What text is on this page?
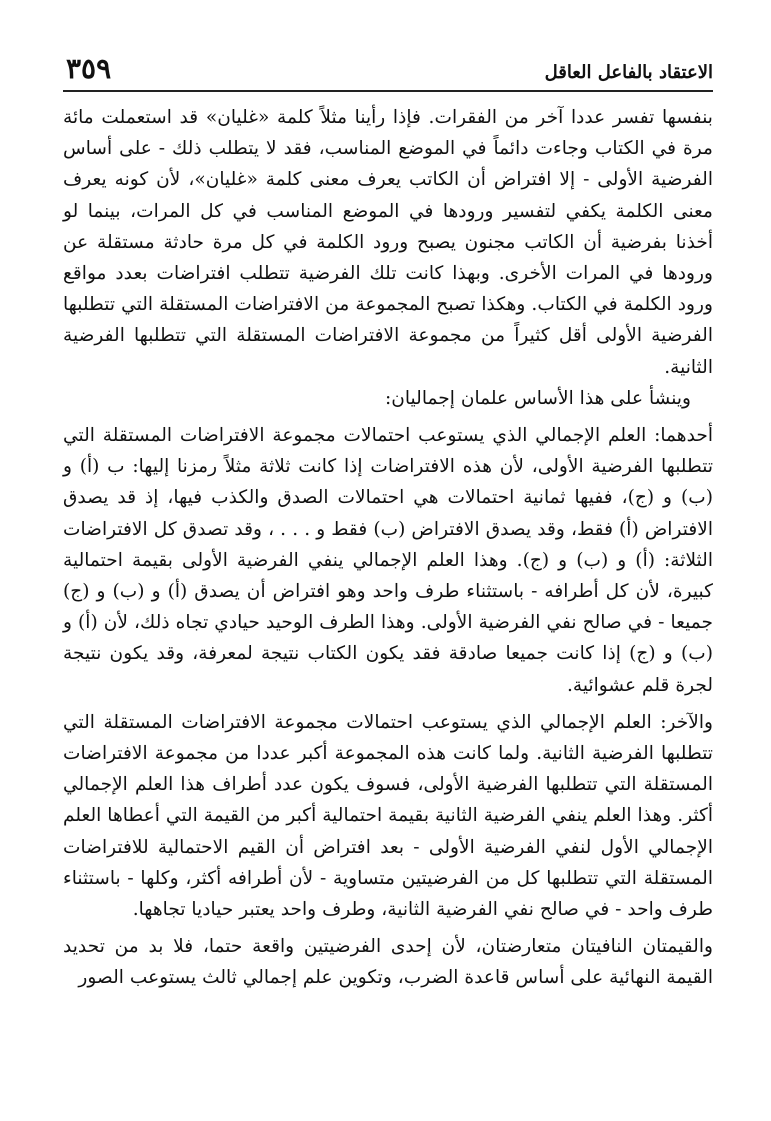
الاعتقاد بالفاعل العاقل
٣٥٩

بنفسها تفسر عددا آخر من الفقرات. فإذا رأينا مثلاً كلمة «غليان» قد استعملت مائة مرة في الكتاب وجاءت دائماً في الموضع المناسب، فقد لا يتطلب ذلك - على أساس الفرضية الأولى - إلا افتراض أن الكاتب يعرف معنى كلمة «غليان»، لأن كونه يعرف معنى الكلمة يكفي لتفسير ورودها في الموضع المناسب في كل المرات، بينما لو أخذنا بفرضية أن الكاتب مجنون يصبح ورود الكلمة في كل مرة حادثة مستقلة عن ورودها في المرات الأخرى. وبهذا كانت تلك الفرضية تتطلب افتراضات بعدد مواقع ورود الكلمة في الكتاب. وهكذا تصبح المجموعة من الافتراضات المستقلة التي تتطلبها الفرضية الأولى أقل كثيراً من مجموعة الافتراضات المستقلة التي تتطلبها الفرضية الثانية.

وينشأ على هذا الأساس علمان إجماليان:

أحدهما: العلم الإجمالي الذي يستوعب احتمالات مجموعة الافتراضات المستقلة التي تتطلبها الفرضية الأولى، لأن هذه الافتراضات إذا كانت ثلاثة مثلاً رمزنا إليها: ب (أ) و (ب) و (ج)، ففيها ثمانية احتمالات هي احتمالات الصدق والكذب فيها، إذ قد يصدق الافتراض (أ) فقط، وقد يصدق الافتراض (ب) فقط و . . . ، وقد تصدق كل الافتراضات الثلاثة: (أ) و (ب) و (ج). وهذا العلم الإجمالي ينفي الفرضية الأولى بقيمة احتمالية كبيرة، لأن كل أطرافه - باستثناء طرف واحد وهو افتراض أن يصدق (أ) و (ب) و (ج) جميعا - في صالح نفي الفرضية الأولى. وهذا الطرف الوحيد حيادي تجاه ذلك، لأن (أ) و (ب) و (ج) إذا كانت جميعا صادقة فقد يكون الكتاب نتيجة لمعرفة، وقد يكون نتيجة لجرة قلم عشوائية.

والآخر: العلم الإجمالي الذي يستوعب احتمالات مجموعة الافتراضات المستقلة التي تتطلبها الفرضية الثانية. ولما كانت هذه المجموعة أكبر عددا من مجموعة الافتراضات المستقلة التي تتطلبها الفرضية الأولى، فسوف يكون عدد أطراف هذا العلم الإجمالي أكثر. وهذا العلم ينفي الفرضية الثانية بقيمة احتمالية أكبر من القيمة التي أعطاها العلم الإجمالي الأول لنفي الفرضية الأولى - بعد افتراض أن القيم الاحتمالية للافتراضات المستقلة التي تتطلبها كل من الفرضيتين متساوية - لأن أطرافه أكثر، وكلها - باستثناء طرف واحد - في صالح نفي الفرضية الثانية، وطرف واحد يعتبر حياديا تجاهها.

والقيمتان النافيتان متعارضتان، لأن إحدى الفرضيتين واقعة حتما، فلا بد من تحديد القيمة النهائية على أساس قاعدة الضرب، وتكوين علم إجمالي ثالث يستوعب الصور
